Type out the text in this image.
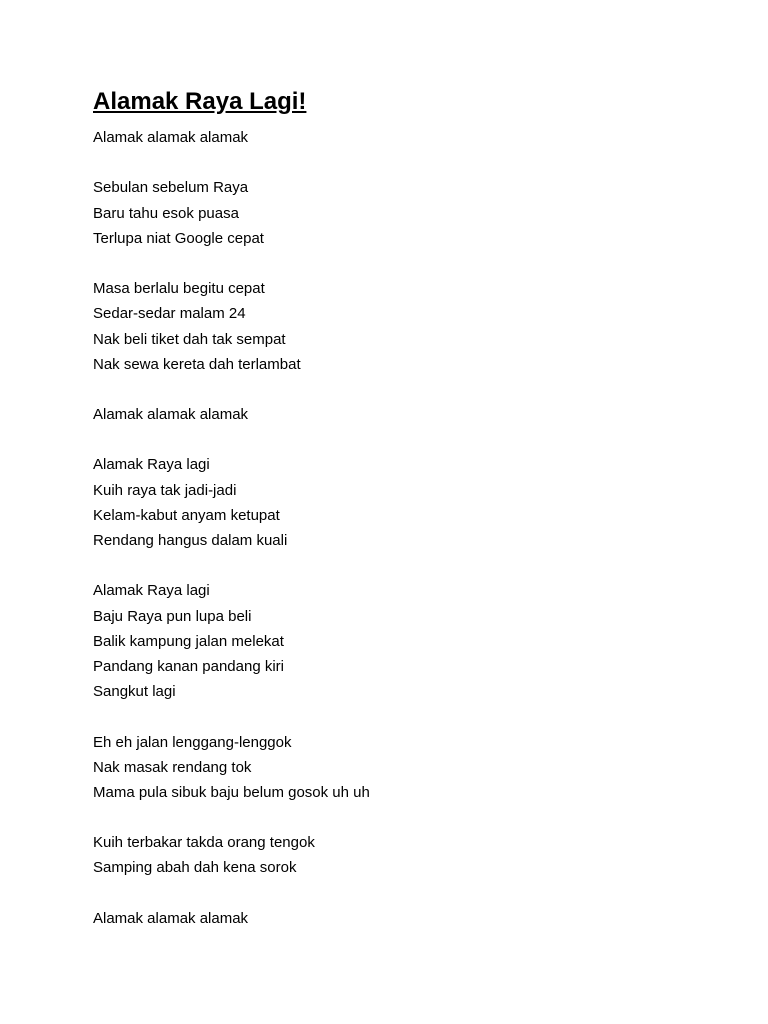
Alamak Raya Lagi!
Alamak alamak alamak
Sebulan sebelum Raya
Baru tahu esok puasa
Terlupa niat Google cepat
Masa berlalu begitu cepat
Sedar-sedar malam 24
Nak beli tiket dah tak sempat
Nak sewa kereta dah terlambat
Alamak alamak alamak
Alamak Raya lagi
Kuih raya tak jadi-jadi
Kelam-kabut anyam ketupat
Rendang hangus dalam kuali
Alamak Raya lagi
Baju Raya pun lupa beli
Balik kampung jalan melekat
Pandang kanan pandang kiri
Sangkut lagi
Eh eh jalan lenggang-lenggok
Nak masak rendang tok
Mama pula sibuk baju belum gosok uh uh
Kuih terbakar takda orang tengok
Samping abah dah kena sorok
Alamak alamak alamak
